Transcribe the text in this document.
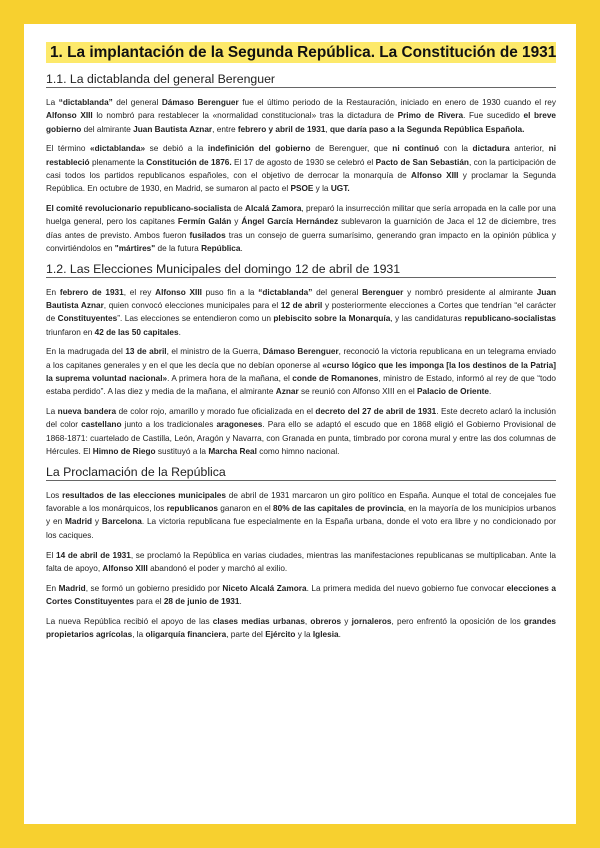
1. La implantación de la Segunda República. La Constitución de 1931
1.1. La dictablanda del general Berenguer

La “dictablanda” del general Dámaso Berenguer fue el último periodo de la Restauración, iniciado en enero de 1930 cuando el rey Alfonso XIII lo nombró para restablecer la «normalidad constitucional» tras la dictadura de Primo de Rivera. Fue sucedido el breve gobierno del almirante Juan Bautista Aznar, entre febrero y abril de 1931, que daría paso a la Segunda República Española.

El término «dictablanda» se debió a la indefinición del gobierno de Berenguer, que ni continuó con la dictadura anterior, ni restableció plenamente la Constitución de 1876. El 17 de agosto de 1930 se celebró el Pacto de San Sebastián, con la participación de casi todos los partidos republicanos españoles, con el objetivo de derrocar la monarquía de Alfonso XIII y proclamar la Segunda República. En octubre de 1930, en Madrid, se sumaron al pacto el PSOE y la UGT.

El comité revolucionario republicano-socialista de Alcalá Zamora, preparó la insurrección militar que sería arropada en la calle por una huelga general, pero los capitanes Fermín Galán y Ángel García Hernández sublevaron la guarnición de Jaca el 12 de diciembre, tres días antes de previsto. Ambos fueron fusilados tras un consejo de guerra sumarísimo, generando gran impacto en la opinión pública y convirtiéndolos en "mártires" de la futura República.

1.2. Las Elecciones Municipales del domingo 12 de abril de 1931

En febrero de 1931, el rey Alfonso XIII puso fin a la “dictablanda” del general Berenguer y nombró presidente al almirante Juan Bautista Aznar, quien convocó elecciones municipales para el 12 de abril y posteriormente elecciones a Cortes que tendrían “el carácter de Constituyentes”. Las elecciones se entendieron como un plebiscito sobre la Monarquía, y las candidaturas republicano-socialistas triunfaron en 42 de las 50 capitales.

En la madrugada del 13 de abril, el ministro de la Guerra, Dámaso Berenguer, reconoció la victoria republicana en un telegrama enviado a los capitanes generales y en el que les decía que no debían oponerse al «curso lógico que les imponga [la los destinos de la Patria] la suprema voluntad nacional». A primera hora de la mañana, el conde de Romanones, ministro de Estado, informó al rey de que “todo estaba perdido”. A las diez y media de la mañana, el almirante Aznar se reunió con Alfonso XIII en el Palacio de Oriente.

La nueva bandera de color rojo, amarillo y morado fue oficializada en el decreto del 27 de abril de 1931. Este decreto aclaró la inclusión del color castellano junto a los tradicionales aragoneses. Para ello se adaptó el escudo que en 1868 eligió el Gobierno Provisional de 1868-1871: cuartelado de Castilla, León, Aragón y Navarra, con Granada en punta, timbrado por corona mural y entre las dos columnas de Hércules. El Himno de Riego sustituyó a la Marcha Real como himno nacional.

La Proclamación de la República

Los resultados de las elecciones municipales de abril de 1931 marcaron un giro político en España. Aunque el total de concejales fue favorable a los monárquicos, los republicanos ganaron en el 80% de las capitales de provincia, en la mayoría de los municipios urbanos y en Madrid y Barcelona. La victoria republicana fue especialmente en la España urbana, donde el voto era libre y no condicionado por los caciques.

El 14 de abril de 1931, se proclamó la República en varias ciudades, mientras las manifestaciones republicanas se multiplicaban. Ante la falta de apoyo, Alfonso XIII abandonó el poder y marchó al exilio.

En Madrid, se formó un gobierno presidido por Niceto Alcalá Zamora. La primera medida del nuevo gobierno fue convocar elecciones a Cortes Constituyentes para el 28 de junio de 1931.

La nueva República recibió el apoyo de las clases medias urbanas, obreros y jornaleros, pero enfrentó la oposición de los grandes propietarios agrícolas, la oligarquía financiera, parte del Ejército y la Iglesia.
